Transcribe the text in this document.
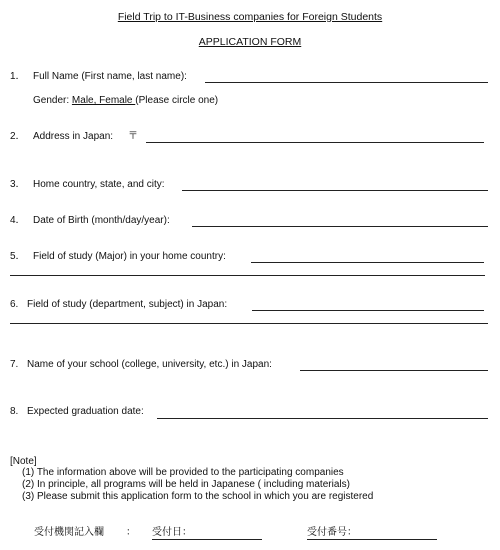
Field Trip to IT-Business companies for Foreign Students
APPLICATION FORM
1． Full Name (First name, last name):
Gender: Male, Female (Please circle one)
2． Address in Japan: 〒
3． Home country, state, and city:
4． Date of Birth (month/day/year):
5． Field of study (Major) in your home country:
6. Field of study (department, subject) in Japan:
7. Name of your school (college, university, etc.) in Japan:
8. Expected graduation date:
[Note]
(1) The information above will be provided to the participating companies
(2) In principle, all programs will be held in Japanese ( including materials)
(3) Please submit this application form to the school in which you are registered
受付機関記入欄 ： 受付日：	受付番号：
